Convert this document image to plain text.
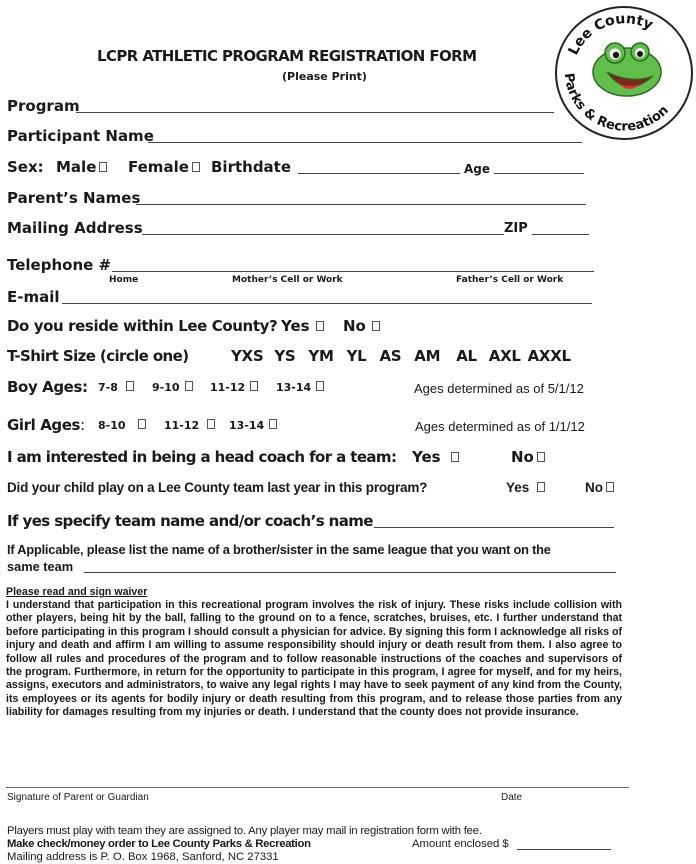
LCPR ATHLETIC PROGRAM REGISTRATION FORM
(Please Print)
Lee County
Parks & Recreation
Program
Participant Name
Sex: Male	Female	Birthdate	Age
Parent’s Names
Mailing Address	ZIP
Telephone #
Home	Mother’s Cell or Work	Father’s Cell or Work
E-mail
Do you reside within Lee County? Yes	No
T-Shirt Size (circle one)	YXS YS YM YL AS AM AL AXL AXXL
Boy Ages: 7-8	9-10	11-12	13-14	Ages determined as of 5/1/12
Girl Ages: 8-10	11-12	13-14	Ages determined as of 1/1/12
I am interested in being a head coach for a team: Yes	No
Did your child play on a Lee County team last year in this program?	Yes	No
If yes specify team name and/or coach’s name
If Applicable, please list the name of a brother/sister in the same league that you want on the
same team
Please read and sign waiver
I understand that participation in this recreational program involves the risk of injury. These risks include collision with other players, being hit by the ball, falling to the ground on to a fence, scratches, bruises, etc. I further understand that before participating in this program I should consult a physician for advice. By signing this form I acknowledge all risks of injury and death and affirm I am willing to assume responsibility should injury or death result from them. I also agree to follow all rules and procedures of the program and to follow reasonable instructions of the coaches and supervisors of the program. Furthermore, in return for the opportunity to participate in this program, I agree for myself, and for my heirs, assigns, executors and administrators, to waive any legal rights I may have to seek payment of any kind from the County, its employees or its agents for bodily injury or death resulting from this program, and to release those parties from any liability for damages resulting from my injuries or death. I understand that the county does not provide insurance.
Signature of Parent or Guardian	Date
Players must play with team they are assigned to. Any player may mail in registration form with fee.
Make check/money order to Lee County Parks & Recreation	Amount enclosed $
Mailing address is P. O. Box 1968, Sanford, NC 27331
